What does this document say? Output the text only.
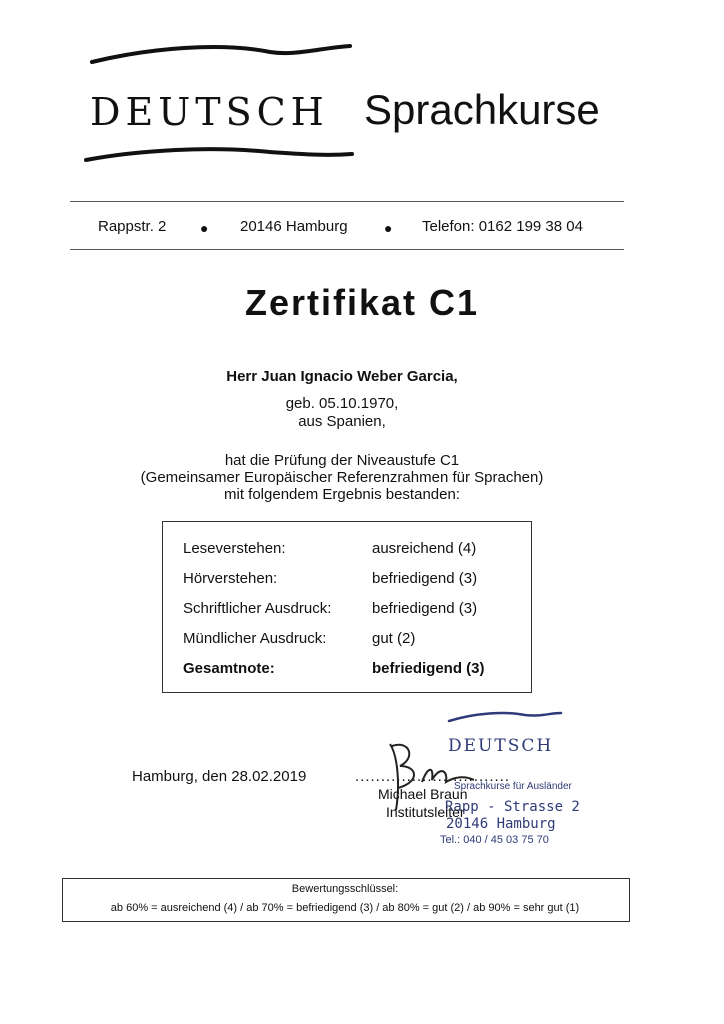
DEUTSCH Sprachkurse
Rappstr. 2 ● 20146 Hamburg	● Telefon: 0162 199 38 04
Zertifikat C1
Herr Juan Ignacio Weber Garcia,
geb. 05.10.1970,
aus Spanien,
hat die Prüfung der Niveaustufe C1
(Gemeinsamer Europäischer Referenzrahmen für Sprachen)
mit folgendem Ergebnis bestanden:
Leseverstehen:	ausreichend (4)
Hörverstehen:	befriedigend (3)
Schriftlicher Ausdruck:	befriedigend (3)
Mündlicher Ausdruck:	gut (2)
Gesamtnote:	befriedigend (3)
DEUTSCH
Sprachkurse für Ausländer
Rapp - Strasse 2
20146 Hamburg
Tel.: 040 / 45 03 75 70
Hamburg, den 28.02.2019	..............................
Michael Braun
Institutsleiter
Bewertungsschlüssel:
ab 60% = ausreichend (4) / ab 70% = befriedigend (3) / ab 80% = gut (2) / ab 90% = sehr gut (1)
